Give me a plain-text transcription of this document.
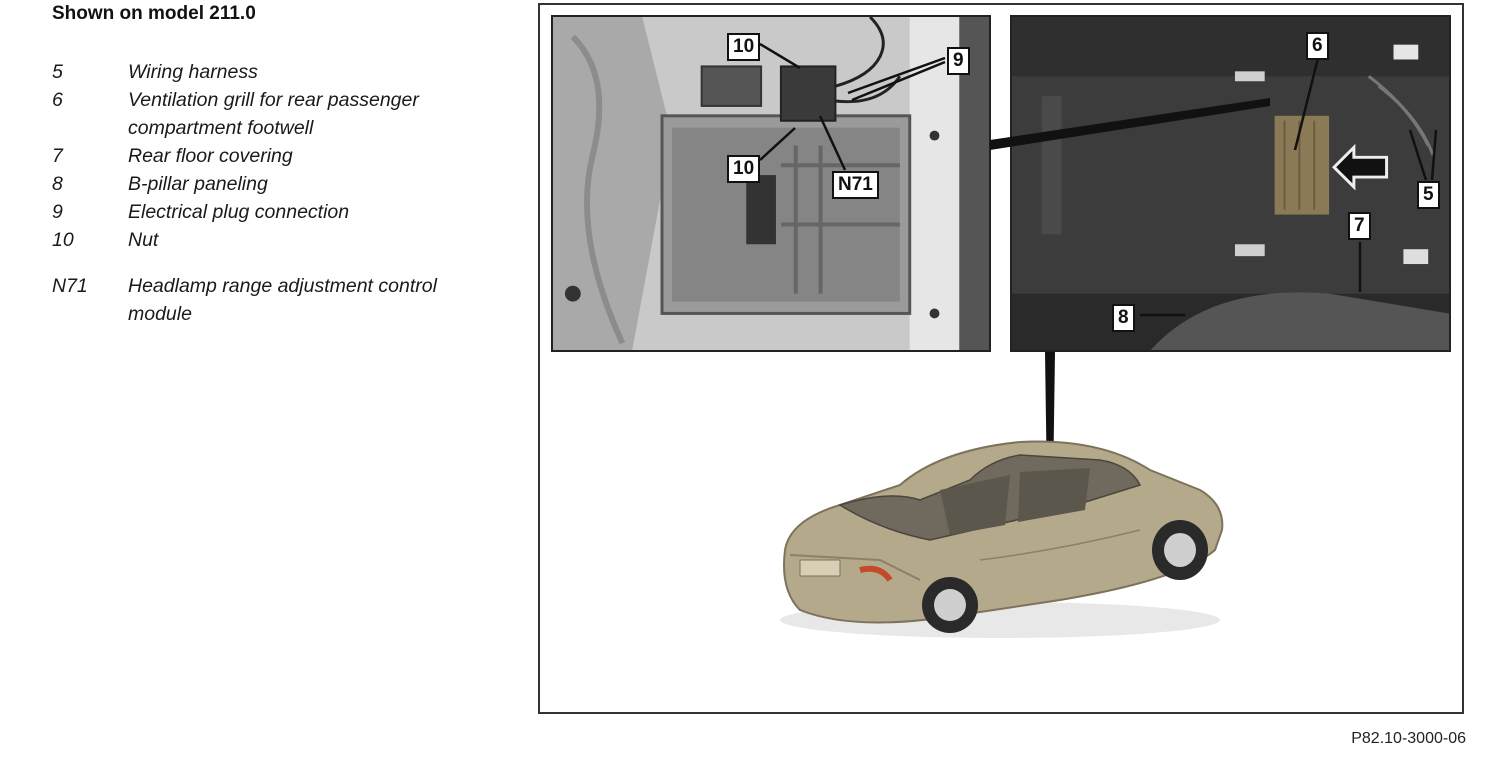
Shown on model 211.0
5	Wiring harness
6	Ventilation grill for rear passenger compartment footwell
7	Rear floor covering
8	B-pillar paneling
9	Electrical plug connection
10	Nut
N71	Headlamp range adjustment control module
10
9
10
N71
6
5
7
8
P82.10-3000-06
